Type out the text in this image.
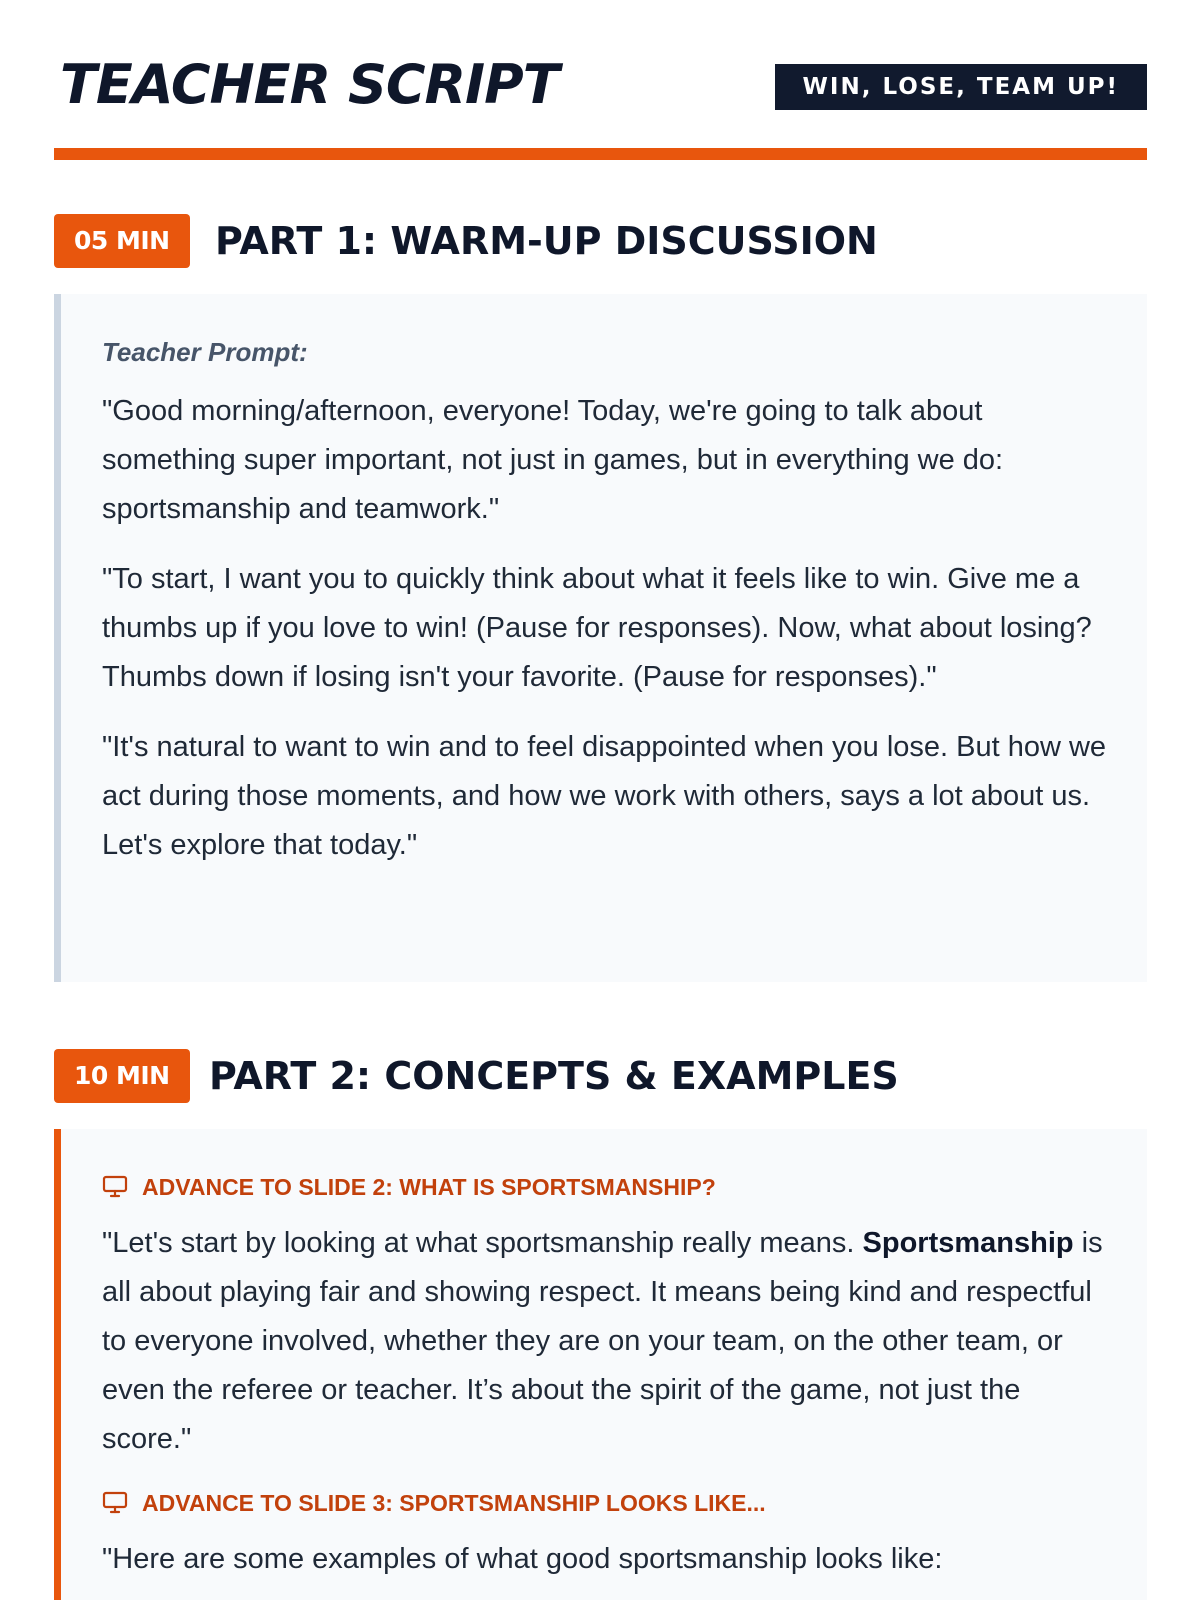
TEACHER SCRIPT	WIN, LOSE, TEAM UP!
05 MIN	PART 1: WARM-UP DISCUSSION

Teacher Prompt:

"Good morning/afternoon, everyone! Today, we're going to talk about something super important, not just in games, but in everything we do: sportsmanship and teamwork."

"To start, I want you to quickly think about what it feels like to win. Give me a thumbs up if you love to win! (Pause for responses). Now, what about losing? Thumbs down if losing isn't your favorite. (Pause for responses)."

"It's natural to want to win and to feel disappointed when you lose. But how we act during those moments, and how we work with others, says a lot about us. Let's explore that today."

10 MIN	PART 2: CONCEPTS & EXAMPLES
ADVANCE TO SLIDE 2: WHAT IS SPORTSMANSHIP?

"Let's start by looking at what sportsmanship really means. Sportsmanship is all about playing fair and showing respect. It means being kind and respectful to everyone involved, whether they are on your team, on the other team, or even the referee or teacher. It’s about the spirit of the game, not just the score."

ADVANCE TO SLIDE 3: SPORTSMANSHIP LOOKS LIKE...

"Here are some examples of what good sportsmanship looks like:
